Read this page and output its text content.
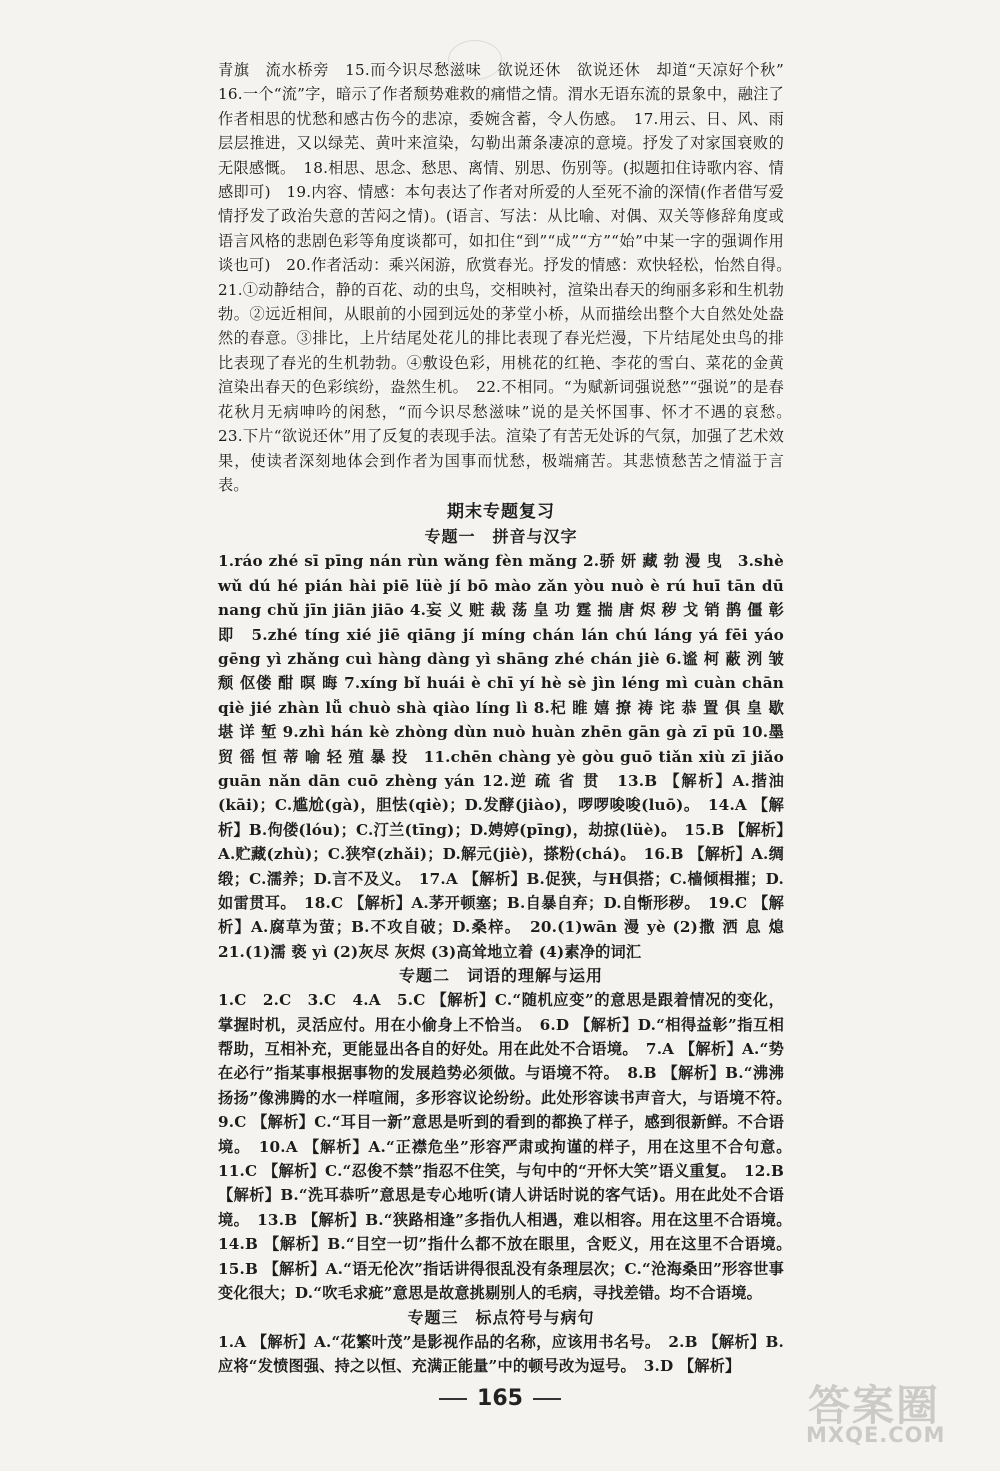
青旗　流水桥旁　15.而今识尽愁滋味　欲说还休　欲说还休　却道“天凉好个秋”　16.一个“流”字，暗示了作者颓势难救的痛惜之情。渭水无语东流的景象中，融注了作者相思的忧愁和感古伤今的悲凉，委婉含蓄，令人伤感。　17.用云、日、风、雨层层推进，又以绿芜、黄叶来渲染，勾勒出萧条凄凉的意境。抒发了对家国衰败的无限感慨。　18.相思、思念、愁思、离情、别思、伤别等。(拟题扣住诗歌内容、情感即可)　19.内容、情感：本句表达了作者对所爱的人至死不渝的深情(作者借写爱情抒发了政治失意的苦闷之情)。(语言、写法：从比喻、对偶、双关等修辞角度或语言风格的悲剧色彩等角度谈都可，如扣住“到”“成”“方”“始”中某一字的强调作用谈也可)　20.作者活动：乘兴闲游，欣赏春光。抒发的情感：欢快轻松，怡然自得。　21.①动静结合，静的百花、动的虫鸟，交相映衬，渲染出春天的绚丽多彩和生机勃勃。②远近相间，从眼前的小园到远处的茅堂小桥，从而描绘出整个大自然处处盎然的春意。③排比，上片结尾处花儿的排比表现了春光烂漫，下片结尾处虫鸟的排比表现了春光的生机勃勃。④敷设色彩，用桃花的红艳、李花的雪白、菜花的金黄渲染出春天的色彩缤纷，盎然生机。　22.不相同。“为赋新词强说愁”“强说”的是春花秋月无病呻吟的闲愁，“而今识尽愁滋味”说的是关怀国事、怀才不遇的哀愁。　23.下片“欲说还休”用了反复的表现手法。渲染了有苦无处诉的气氛，加强了艺术效果，使读者深刻地体会到作者为国事而忧愁，极端痛苦。其悲愤愁苦之情溢于言表。

期末专题复习
专题一　拼音与汉字

1.ráo zhé sī pīng nán rùn wǎng fèn mǎng 2.骄 妍 藏 勃 漫 曳　3.shè wǔ dú hé pián hài piē lüè jí bō mào zǎn yòu nuò è rú huī tān dū nang chǔ jīn jiān jiāo 4.妄 义 赃 裁 荡 皇 功 霆 揣 唐 烬 秽 戈 销 鹊 僵 彰 即　5.zhé tíng xié jiē qiāng jí míng chán lán chú láng yá fēi yáo gēng yì zhǎng cuì hàng dàng yì shāng zhé chán jiè 6.谧 柯 蔽 洌 皱 颓 伛偻 酣 暝 晦 7.xíng bǐ huái è chī yí hè sè jìn léng mì cuàn chān qiè jié zhàn lǚ chuò shà qiào líng lì 8.杞 睢 嬉 撩 祷 诧 恭 置 俱 皇 歇 堪 详 堑 9.zhì hán kè zhòng dùn nuò huàn zhēn gān gà zī pū 10.墨 贸 徭 恒 蒂 喻 轻 殖 暴 投　11.chēn chàng yè gòu guō tiǎn xiù zī jiǎo guān nǎn dān cuō zhèng yán 12.逆 疏 省 贯　13.B 【解析】A.揩油(kāi)；C.尴尬(gà)，胆怯(qiè)；D.发酵(jiào)，啰啰唆唆(luō)。　14.A 【解析】B.佝偻(lóu)；C.汀兰(tīng)；D.娉婷(pīng)，劫掠(lüè)。　15.B 【解析】A.贮藏(zhù)；C.狭窄(zhǎi)；D.解元(jiè)，搽粉(chá)。　16.B 【解析】A.绸缎；C.濡养；D.言不及义。　17.A 【解析】B.促狭，与H倶搭；C.樯倾楫摧；D.如雷贯耳。　18.C 【解析】A.茅开顿塞；B.自暴自弃；D.自惭形秽。　19.C 【解析】A.腐草为萤；B.不攻自破；D.桑梓。　20.(1)wān 漫 yè (2)撒 洒 息 熄　21.(1)濡 亵 yì (2)灰尽 灰烬 (3)高耸地立着 (4)素净的词汇

专题二　词语的理解与运用

1.C　2.C　3.C　4.A　5.C 【解析】C.“随机应变”的意思是跟着情况的变化，掌握时机，灵活应付。用在小偷身上不恰当。　6.D 【解析】D.“相得益彰”指互相帮助，互相补充，更能显出各自的好处。用在此处不合语境。　7.A 【解析】A.“势在必行”指某事根据事物的发展趋势必须做。与语境不符。　8.B 【解析】B.“沸沸扬扬”像沸腾的水一样喧闹，多形容议论纷纷。此处形容读书声音大，与语境不符。　9.C 【解析】C.“耳目一新”意思是听到的看到的都换了样子，感到很新鲜。不合语境。　10.A 【解析】A.“正襟危坐”形容严肃或拘谨的样子，用在这里不合句意。　11.C 【解析】C.“忍俊不禁”指忍不住笑，与句中的“开怀大笑”语义重复。　12.B 【解析】B.“洗耳恭听”意思是专心地听(请人讲话时说的客气话)。用在此处不合语境。　13.B 【解析】B.“狭路相逢”多指仇人相遇，难以相容。用在这里不合语境。　14.B 【解析】B.“目空一切”指什么都不放在眼里，含贬义，用在这里不合语境。　15.B 【解析】A.“语无伦次”指话讲得很乱没有条理层次；C.“沧海桑田”形容世事变化很大；D.“吹毛求疵”意思是故意挑剔别人的毛病，寻找差错。均不合语境。

专题三　标点符号与病句

1.A 【解析】A.“花繁叶茂”是影视作品的名称，应该用书名号。　2.B 【解析】B.应将“发愤图强、持之以恒、充满正能量”中的顿号改为逗号。　3.D 【解析】

165	答案圈
MXQE.COM
